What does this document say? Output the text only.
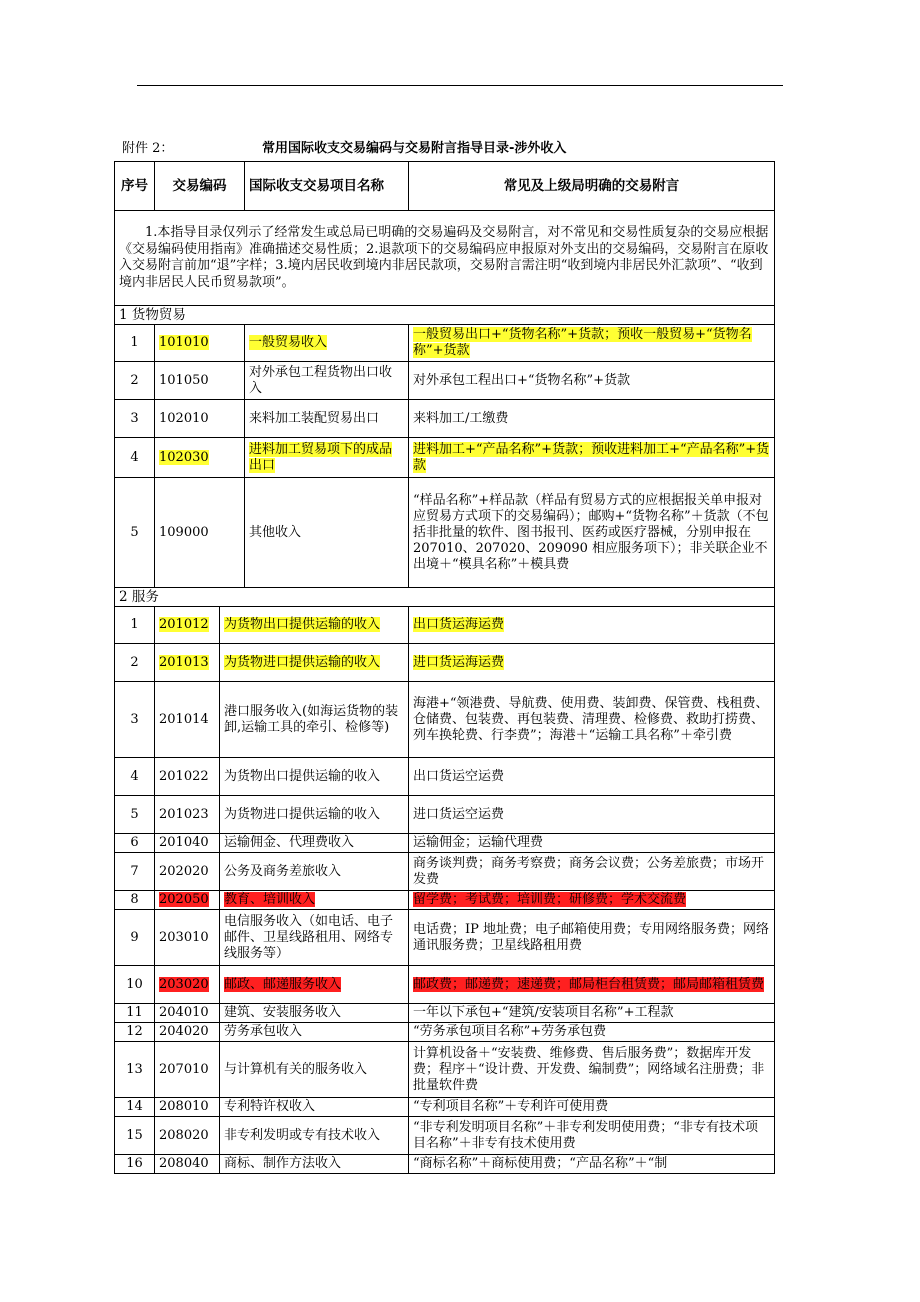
附件 2：	常用国际收支交易编码与交易附言指导目录-涉外收入
序号	交易编码		国际收支交易项目名称	常见及上级局明确的交易附言
1.本指导目录仅列示了经常发生或总局已明确的交易遍码及交易附言，对不常见和交易性质复杂的交易应根据《交易编码使用指南》准确描述交易性质；2.退款项下的交易编码应申报原对外支出的交易编码，交易附言在原收入交易附言前加“退”字样；3.境内居民收到境内非居民款项，交易附言需注明“收到境内非居民外汇款项”、“收到境内非居民人民币贸易款项”。				
1 货物贸易				
1	101010		一般贸易收入	一般贸易出口+“货物名称”+货款；预收一般贸易+“货物名称”+货款
2	101050		对外承包工程货物出口收入	对外承包工程出口+“货物名称”+货款
3	102010		来料加工装配贸易出口	来料加工/工缴费
4	102030		进料加工贸易项下的成品出口	进料加工+“产品名称”+货款；预收进料加工+“产品名称”+货款
5	109000		其他收入	“样品名称”+样品款（样品有贸易方式的应根据报关单申报对应贸易方式项下的交易编码）；邮购+“货物名称”＋货款（不包括非批量的软件、图书报刊、医药或医疗器械，分别申报在 207010、207020、209090 相应服务项下）；非关联企业不出境＋“模具名称”＋模具费
2 服务				
1	201012	为货物出口提供运输的收入		出口货运海运费
2	201013	为货物进口提供运输的收入		进口货运海运费
3	201014	港口服务收入(如海运货物的装卸,运输工具的牵引、检修等)		海港+“领港费、导航费、使用费、装卸费、保管费、栈租费、仓储费、包装费、再包装费、清理费、检修费、救助打捞费、列车换轮费、行李费”；海港＋“运输工具名称”＋牵引费
4	201022	为货物出口提供运输的收入		出口货运空运费
5	201023	为货物进口提供运输的收入		进口货运空运费
6	201040	运输佣金、代理费收入		运输佣金；运输代理费
7	202020	公务及商务差旅收入		商务谈判费；商务考察费；商务会议费；公务差旅费；市场开发费
8	202050	教育、培训收入		留学费；考试费；培训费；研修费；学术交流费
9	203010	电信服务收入（如电话、电子邮件、卫星线路租用、网络专线服务等）		电话费；IP 地址费；电子邮箱使用费；专用网络服务费；网络通讯服务费；卫星线路租用费
10	203020	邮政、邮递服务收入		邮政费；邮递费；速递费；邮局柜台租赁费；邮局邮箱租赁费
11	204010	建筑、安装服务收入		一年以下承包+“建筑/安装项目名称”+工程款
12	204020	劳务承包收入		“劳务承包项目名称”+劳务承包费
13	207010	与计算机有关的服务收入		计算机设备＋“安装费、维修费、售后服务费”；数据库开发费；程序＋“设计费、开发费、编制费”；网络域名注册费；非批量软件费
14	208010	专利特许权收入		“专利项目名称”＋专利许可使用费
15	208020	非专利发明或专有技术收入		“非专利发明项目名称”＋非专利发明使用费；“非专有技术项目名称”＋非专有技术使用费
16	208040	商标、制作方法收入		“商标名称”＋商标使用费；“产品名称”＋“制
